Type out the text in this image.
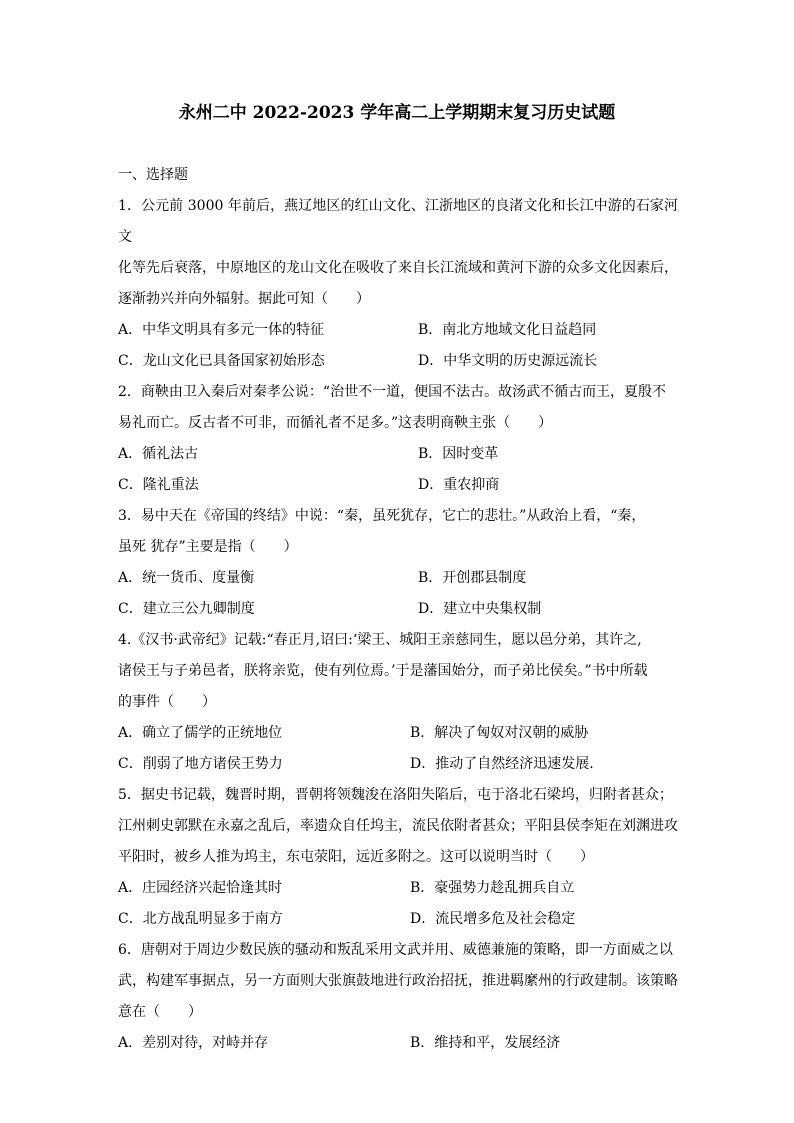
永州二中 2022-2023 学年高二上学期期末复习历史试题
一、选择题
1．公元前 3000 年前后，燕辽地区的红山文化、江浙地区的良渚文化和长江中游的石家河文
化等先后衰落，中原地区的龙山文化在吸收了来自长江流域和黄河下游的众多文化因素后，
逐渐勃兴并向外辐射。据此可知（　　）
A．中华文明具有多元一体的特征	B．南北方地域文化日益趋同
C．龙山文化已具备国家初始形态	D．中华文明的历史源远流长
2．商鞅由卫入秦后对秦孝公说：“治世不一道，便国不法古。故汤武不循古而王，夏殷不
易礼而亡。反古者不可非，而循礼者不足多。”这表明商鞅主张（　　）
A．循礼法古	B．因时变革
C．隆礼重法	D．重农抑商
3．易中天在《帝国的终结》中说：“秦，虽死犹存，它亡的悲壮。”从政治上看，“秦，
虽死 犹存”主要是指（　　）
A．统一货币、度量衡	B．开创郡县制度
C．建立三公九卿制度	D．建立中央集权制
4.《汉书·武帝纪》记载:“春正月,诏曰:‘梁王、城阳王亲慈同生，愿以邑分弟，其许之,
诸侯王与子弟邑者，朕将亲览，使有列位焉。’于是藩国始分，而子弟比侯矣。”书中所载
的事件（　　）
A．确立了儒学的正统地位	B．解决了匈奴对汉朝的威胁
C．削弱了地方诸侯王势力	D．推动了自然经济迅速发展.
5．据史书记载，魏晋时期，晋朝将领魏浚在洛阳失陷后，屯于洛北石梁坞，归附者甚众；
江州刺史郭默在永嘉之乱后，率遗众自任坞主，流民依附者甚众；平阳县侯李矩在刘渊进攻
平阳时，被乡人推为坞主，东屯荥阳，远近多附之。这可以说明当时（　　）
A．庄园经济兴起恰逢其时	B．豪强势力趁乱拥兵自立
C．北方战乱明显多于南方	D．流民增多危及社会稳定
6．唐朝对于周边少数民族的骚动和叛乱采用文武并用、威德兼施的策略，即一方面威之以
武，构建军事据点，另一方面则大张旗鼓地进行政治招抚，推进羁縻州的行政建制。该策略
意在（　　）
A．差别对待，对峙并存	B．维持和平，发展经济
